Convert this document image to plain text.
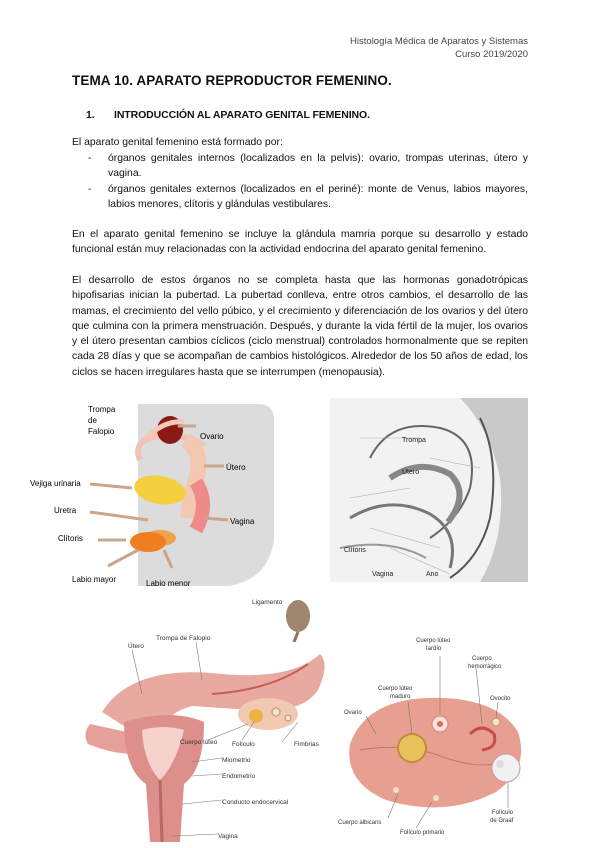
Histología Médica de Aparatos y Sistemas
Curso 2019/2020
TEMA 10. APARATO REPRODUCTOR FEMENINO.
1. INTRODUCCIÓN AL APARATO GENITAL FEMENINO.

El aparato genital femenino está formado por:

- órganos genitales internos (localizados en la pelvis): ovario, trompas uterinas, útero y vagina.
- órganos genitales externos (localizados en el periné): monte de Venus, labios mayores, labios menores, clítoris y glándulas vestibulares.

En el aparato genital femenino se incluye la glándula mamria porque su desarrollo y estado funcional están muy relacionadas con la actividad endocrina del aparato genital femenino.

El desarrollo de estos órganos no se completa hasta que las hormonas gonadotrópicas hipofisarias inician la pubertad. La pubertad conlleva, entre otros cambios, el desarrollo de las mamas, el crecimiento del vello púbico, y el crecimiento y diferenciación de los ovarios y del útero que culmina con la primera menstruación. Después, y durante la vida fértil de la mujer, los ovarios y el útero presentan cambios cíclicos (ciclo menstrual) controlados hormonalmente que se repiten cada 28 días y que se acompañan de cambios histológicos. Alrededor de los 50 años de edad, los ciclos se hacen irregulares hasta que se interrumpen (menopausia).

Trompa
de
Falopio
Ovario
Útero
Vejiga urinaria
Uretra
Vagina
Clítoris
Labio mayor	Labio menor
Trompa
Útero
Clítoris
Vagina	Ano
Útero
Trompa de Falopio
Ligamento
Cuerpo lúteo Folículo	Fimbrias
Miometrio
Endometrio
Conducto endocervical
Vagina
Cuerpo lúteo
tardío
Cuerpo
hemorrágico
Cuerpo lúteo
maduro	Ovocito
Ovario
Cuerpo albicans
Folículo primario
Folículo
de Graaf
